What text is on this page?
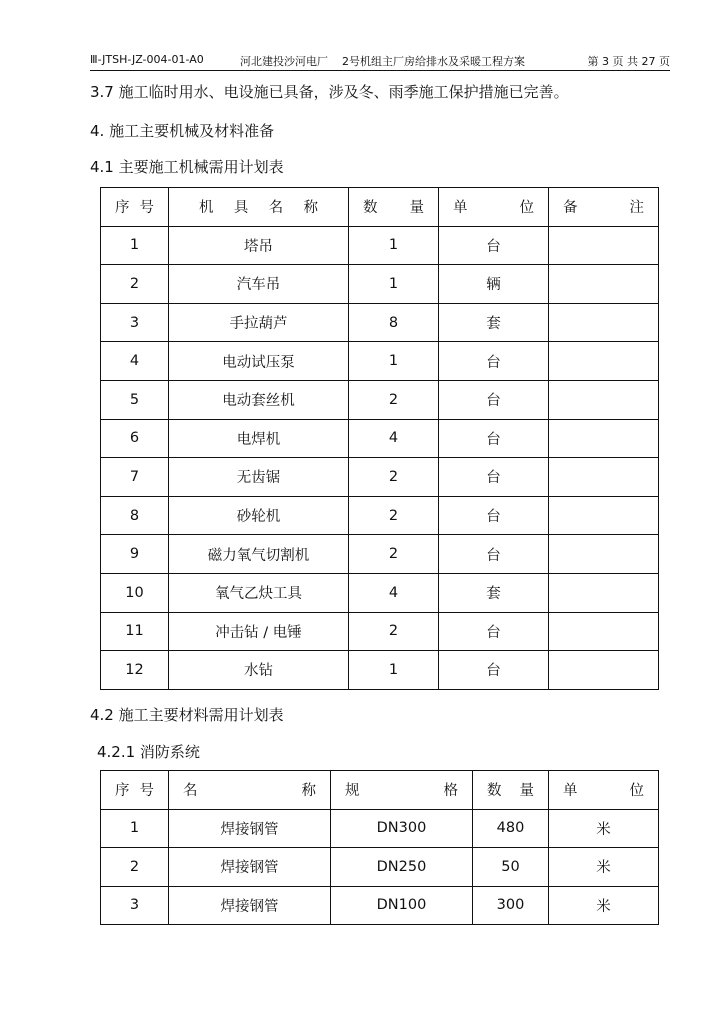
Ⅲ-JTSH-JZ-004-01-A0	河北建投沙河电厂 2号机组主厂房给排水及采暖工程方案	第 3 页 共 27 页
3.7 施工临时用水、电设施已具备，涉及冬、雨季施工保护措施已完善。
4. 施工主要机械及材料准备
4.1 主要施工机械需用计划表
序 号	机 具 名 称	数 量	单 位	备 注

1	塔吊	1	台	
2	汽车吊	1	辆	
3	手拉葫芦	8	套	
4	电动试压泵	1	台	
5	电动套丝机	2	台	
6	电焊机	4	台	
7	无齿锯	2	台	
8	砂轮机	2	台	
9	磁力氧气切割机	2	台	
10	氧气乙炔工具	4	套	
11	冲击钻 / 电锤	2	台	
12	水钻	1	台	
4.2 施工主要材料需用计划表
4.2.1 消防系统
序 号	名 称	规 格	数 量	单 位

1	焊接钢管	DN300	480	米
2	焊接钢管	DN250	50	米
3	焊接钢管	DN100	300	米
